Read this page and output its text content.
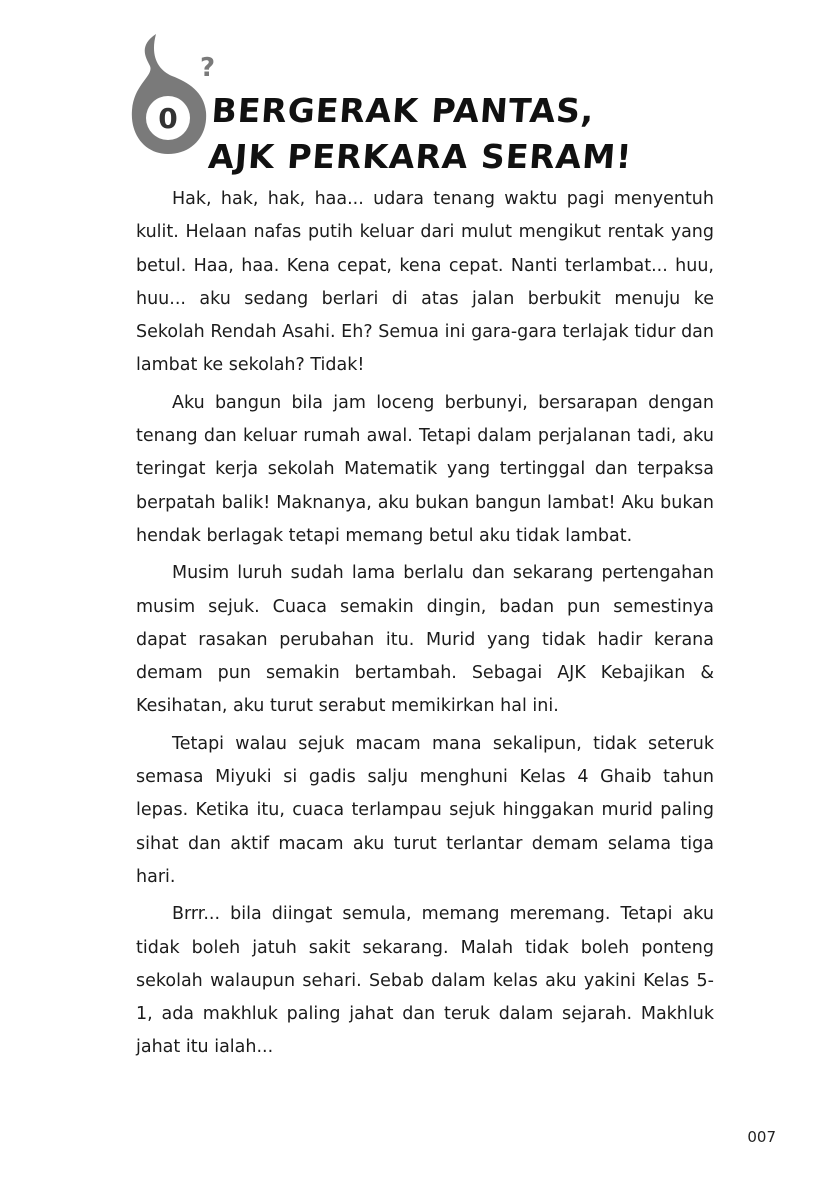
?
0 BERGERAK PANTAS,
AJK PERKARA SERAM!

Hak, hak, hak, haa... udara tenang waktu pagi menyentuh kulit. Helaan nafas putih keluar dari mulut mengikut rentak yang betul. Haa, haa. Kena cepat, kena cepat. Nanti terlambat... huu, huu... aku sedang berlari di atas jalan berbukit menuju ke Sekolah Rendah Asahi. Eh? Semua ini gara-gara terlajak tidur dan lambat ke sekolah? Tidak!

Aku bangun bila jam loceng berbunyi, bersarapan dengan tenang dan keluar rumah awal. Tetapi dalam perjalanan tadi, aku teringat kerja sekolah Matematik yang tertinggal dan terpaksa berpatah balik! Maknanya, aku bukan bangun lambat! Aku bukan hendak berlagak tetapi memang betul aku tidak lambat.

Musim luruh sudah lama berlalu dan sekarang pertengahan musim sejuk. Cuaca semakin dingin, badan pun semestinya dapat rasakan perubahan itu. Murid yang tidak hadir kerana demam pun semakin bertambah. Sebagai AJK Kebajikan & Kesihatan, aku turut serabut memikirkan hal ini.

Tetapi walau sejuk macam mana sekalipun, tidak seteruk semasa Miyuki si gadis salju menghuni Kelas 4 Ghaib tahun lepas. Ketika itu, cuaca terlampau sejuk hinggakan murid paling sihat dan aktif macam aku turut terlantar demam selama tiga hari.

Brrr... bila diingat semula, memang meremang. Tetapi aku tidak boleh jatuh sakit sekarang. Malah tidak boleh ponteng sekolah walaupun sehari. Sebab dalam kelas aku yakini Kelas 5-1, ada makhluk paling jahat dan teruk dalam sejarah. Makhluk jahat itu ialah...

007
